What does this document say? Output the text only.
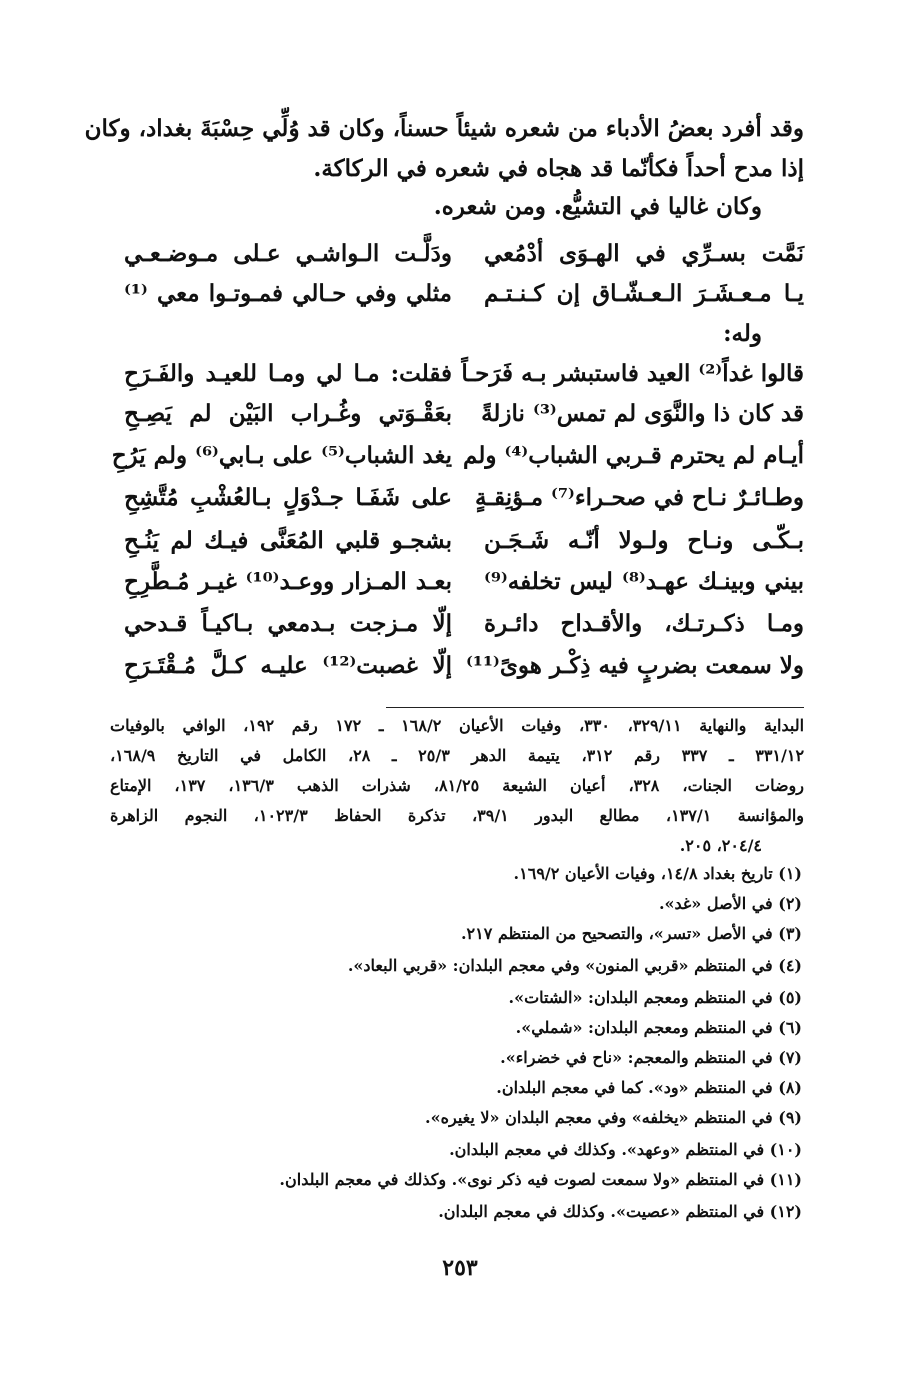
وقد أفرد بعضُ الأدباء من شعره شيئاً حسناً، وكان قد وُلِّي حِسْبَةَ بغداد، وكان
إذا مدح أحداً فكأنّما قد هجاه في شعره في الركاكة.
وكان غاليا في التشيُّع. ومن شعره.
نَمَّت بسـرِّي في الهـوَى أدْمُعي
ودَلَّـت الـواشـي عـلى مـوضـعـي
يـا مـعـشَـرَ الـعـشّـاق إن كـنـتـم
مثلي وفي حـالي فمـوتـوا معي ⁽¹⁾
وله:
قالوا غداً⁽²⁾ العيد فاستبشر بـه فَرَحـاً
فقلت: مـا لي ومـا للعيـد والفَـرَحِ
قد كان ذا والنَّوَى لم تمس⁽³⁾ نازلةً
بعَقْـوَتي وغُـراب البَيْن لم يَصِـحِ
أيـام لم يحترم قـربي الشباب⁽⁴⁾ ولم
يغد الشباب⁽⁵⁾ على بـابي⁽⁶⁾ ولم يَرُحِ
وطـائـرٌ نـاح في صحـراء⁽⁷⁾ مـؤنِقـةٍ
على شَفَـا جـدْوَلٍ بـالعُشْبِ مُتَّشِحِ
بـكّـى ونـاح ولـولا أنّـه شَـجَـن
بشجـو قلبي المُعَنَّى فيـك لم يَنُـحِ
بيني وبينـك عهـد⁽⁸⁾ ليس تخلفه⁽⁹⁾
بعـد المـزار ووعـد⁽¹⁰⁾ غيـر مُـطَّرِحِ
ومـا ذكـرتـك، والأقـداح دائـرة
إلّا مـزجت بـدمعي بـاكيـاً قـدحي
ولا سمعت بضربٍ فيه ذِكْـر هوىً⁽¹¹⁾
إلّا غصبت⁽¹²⁾ عليـه كـلَّ مُـقْتَـرَحِ
البداية والنهاية ٣٢٩/١١، ٣٣٠، وفيات الأعيان ١٦٨/٢ ـ ١٧٢ رقم ١٩٢، الوافي بالوفيات
٣٣١/١٢ ـ ٣٣٧ رقم ٣١٢، يتيمة الدهر ٢٥/٣ ـ ٢٨، الكامل في التاريخ ١٦٨/٩،
روضات الجنات، ٣٢٨، أعيان الشيعة ٨١/٢٥، شذرات الذهب ١٣٦/٣، ١٣٧، الإمتاع
والمؤانسة ١٣٧/١، مطالع البدور ٣٩/١، تذكرة الحفاظ ١٠٢٣/٣، النجوم الزاهرة
٢٠٤/٤، ٢٠٥.
(١) تاريخ بغداد ١٤/٨، وفيات الأعيان ١٦٩/٢.
(٢) في الأصل «غد».
(٣) في الأصل «تسر»، والتصحيح من المنتظم ٢١٧.
(٤) في المنتظم «قربي المنون» وفي معجم البلدان: «قربي البعاد».
(٥) في المنتظم ومعجم البلدان: «الشتات».
(٦) في المنتظم ومعجم البلدان: «شملي».
(٧) في المنتظم والمعجم: «ناح في خضراء».
(٨) في المنتظم «ود». كما في معجم البلدان.
(٩) في المنتظم «يخلفه» وفي معجم البلدان «لا يغيره».
(١٠) في المنتظم «وعهد». وكذلك في معجم البلدان.
(١١) في المنتظم «ولا سمعت لصوت فيه ذكر نوى». وكذلك في معجم البلدان.
(١٢) في المنتظم «عصيت». وكذلك في معجم البلدان.
٢٥٣
